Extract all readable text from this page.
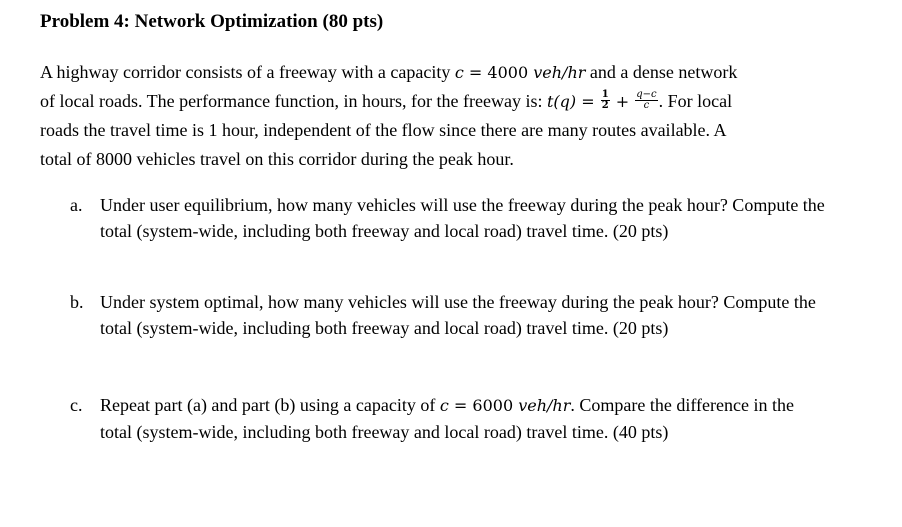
Problem 4: Network Optimization (80 pts)
A highway corridor consists of a freeway with a capacity c = 4000 veh/hr and a dense network
of local roads. The performance function, in hours, for the freeway is: $t(q) = \frac{1}{2} + \frac{q-c}{c}$ . For local
roads the travel time is 1 hour, independent of the flow since there are many routes available. A
total of 8000 vehicles travel on this corridor during the peak hour.
a. Under user equilibrium, how many vehicles will use the freeway during the peak hour? Compute the total (system-wide, including both freeway and local road) travel time. (20 pts)
b. Under system optimal, how many vehicles will use the freeway during the peak hour? Compute the total (system-wide, including both freeway and local road) travel time. (20 pts)
c. Repeat part (a) and part (b) using a capacity of c = 6000 veh/hr. Compare the difference in the total (system-wide, including both freeway and local road) travel time. (40 pts)
